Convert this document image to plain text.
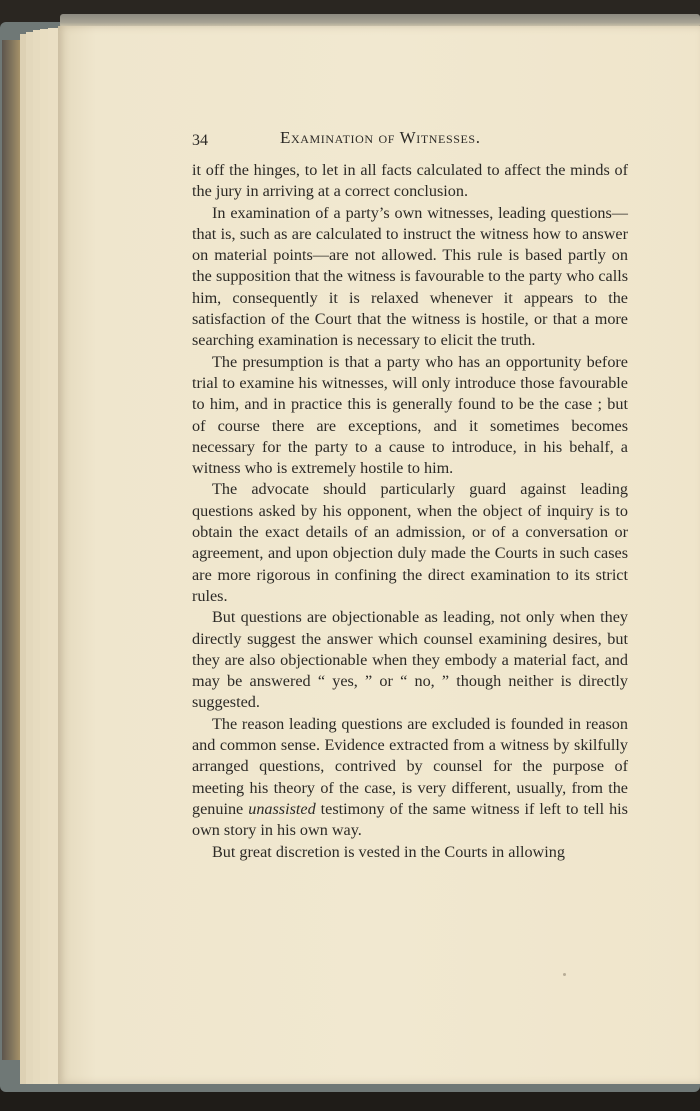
34	Examination of Witnesses.

it off the hinges, to let in all facts calculated to affect the minds of the jury in arriving at a correct conclusion.

In examination of a party’s own witnesses, leading questions—that is, such as are calculated to instruct the witness how to answer on material points—are not allowed. This rule is based partly on the supposition that the witness is favourable to the party who calls him, consequently it is relaxed whenever it appears to the satisfaction of the Court that the witness is hostile, or that a more searching examination is necessary to elicit the truth.

The presumption is that a party who has an opportunity before trial to examine his witnesses, will only introduce those favourable to him, and in practice this is generally found to be the case ; but of course there are exceptions, and it sometimes becomes necessary for the party to a cause to introduce, in his behalf, a witness who is extremely hostile to him.

The advocate should particularly guard against leading questions asked by his opponent, when the object of inquiry is to obtain the exact details of an admission, or of a conversation or agreement, and upon objection duly made the Courts in such cases are more rigorous in confining the direct examination to its strict rules.

But questions are objectionable as leading, not only when they directly suggest the answer which counsel examining desires, but they are also objectionable when they embody a material fact, and may be answered “ yes, ” or “ no, ” though neither is directly suggested.

The reason leading questions are excluded is founded in reason and common sense. Evidence extracted from a witness by skilfully arranged questions, contrived by counsel for the purpose of meeting his theory of the case, is very different, usually, from the genuine unassisted testimony of the same witness if left to tell his own story in his own way.

But great discretion is vested in the Courts in allowing
